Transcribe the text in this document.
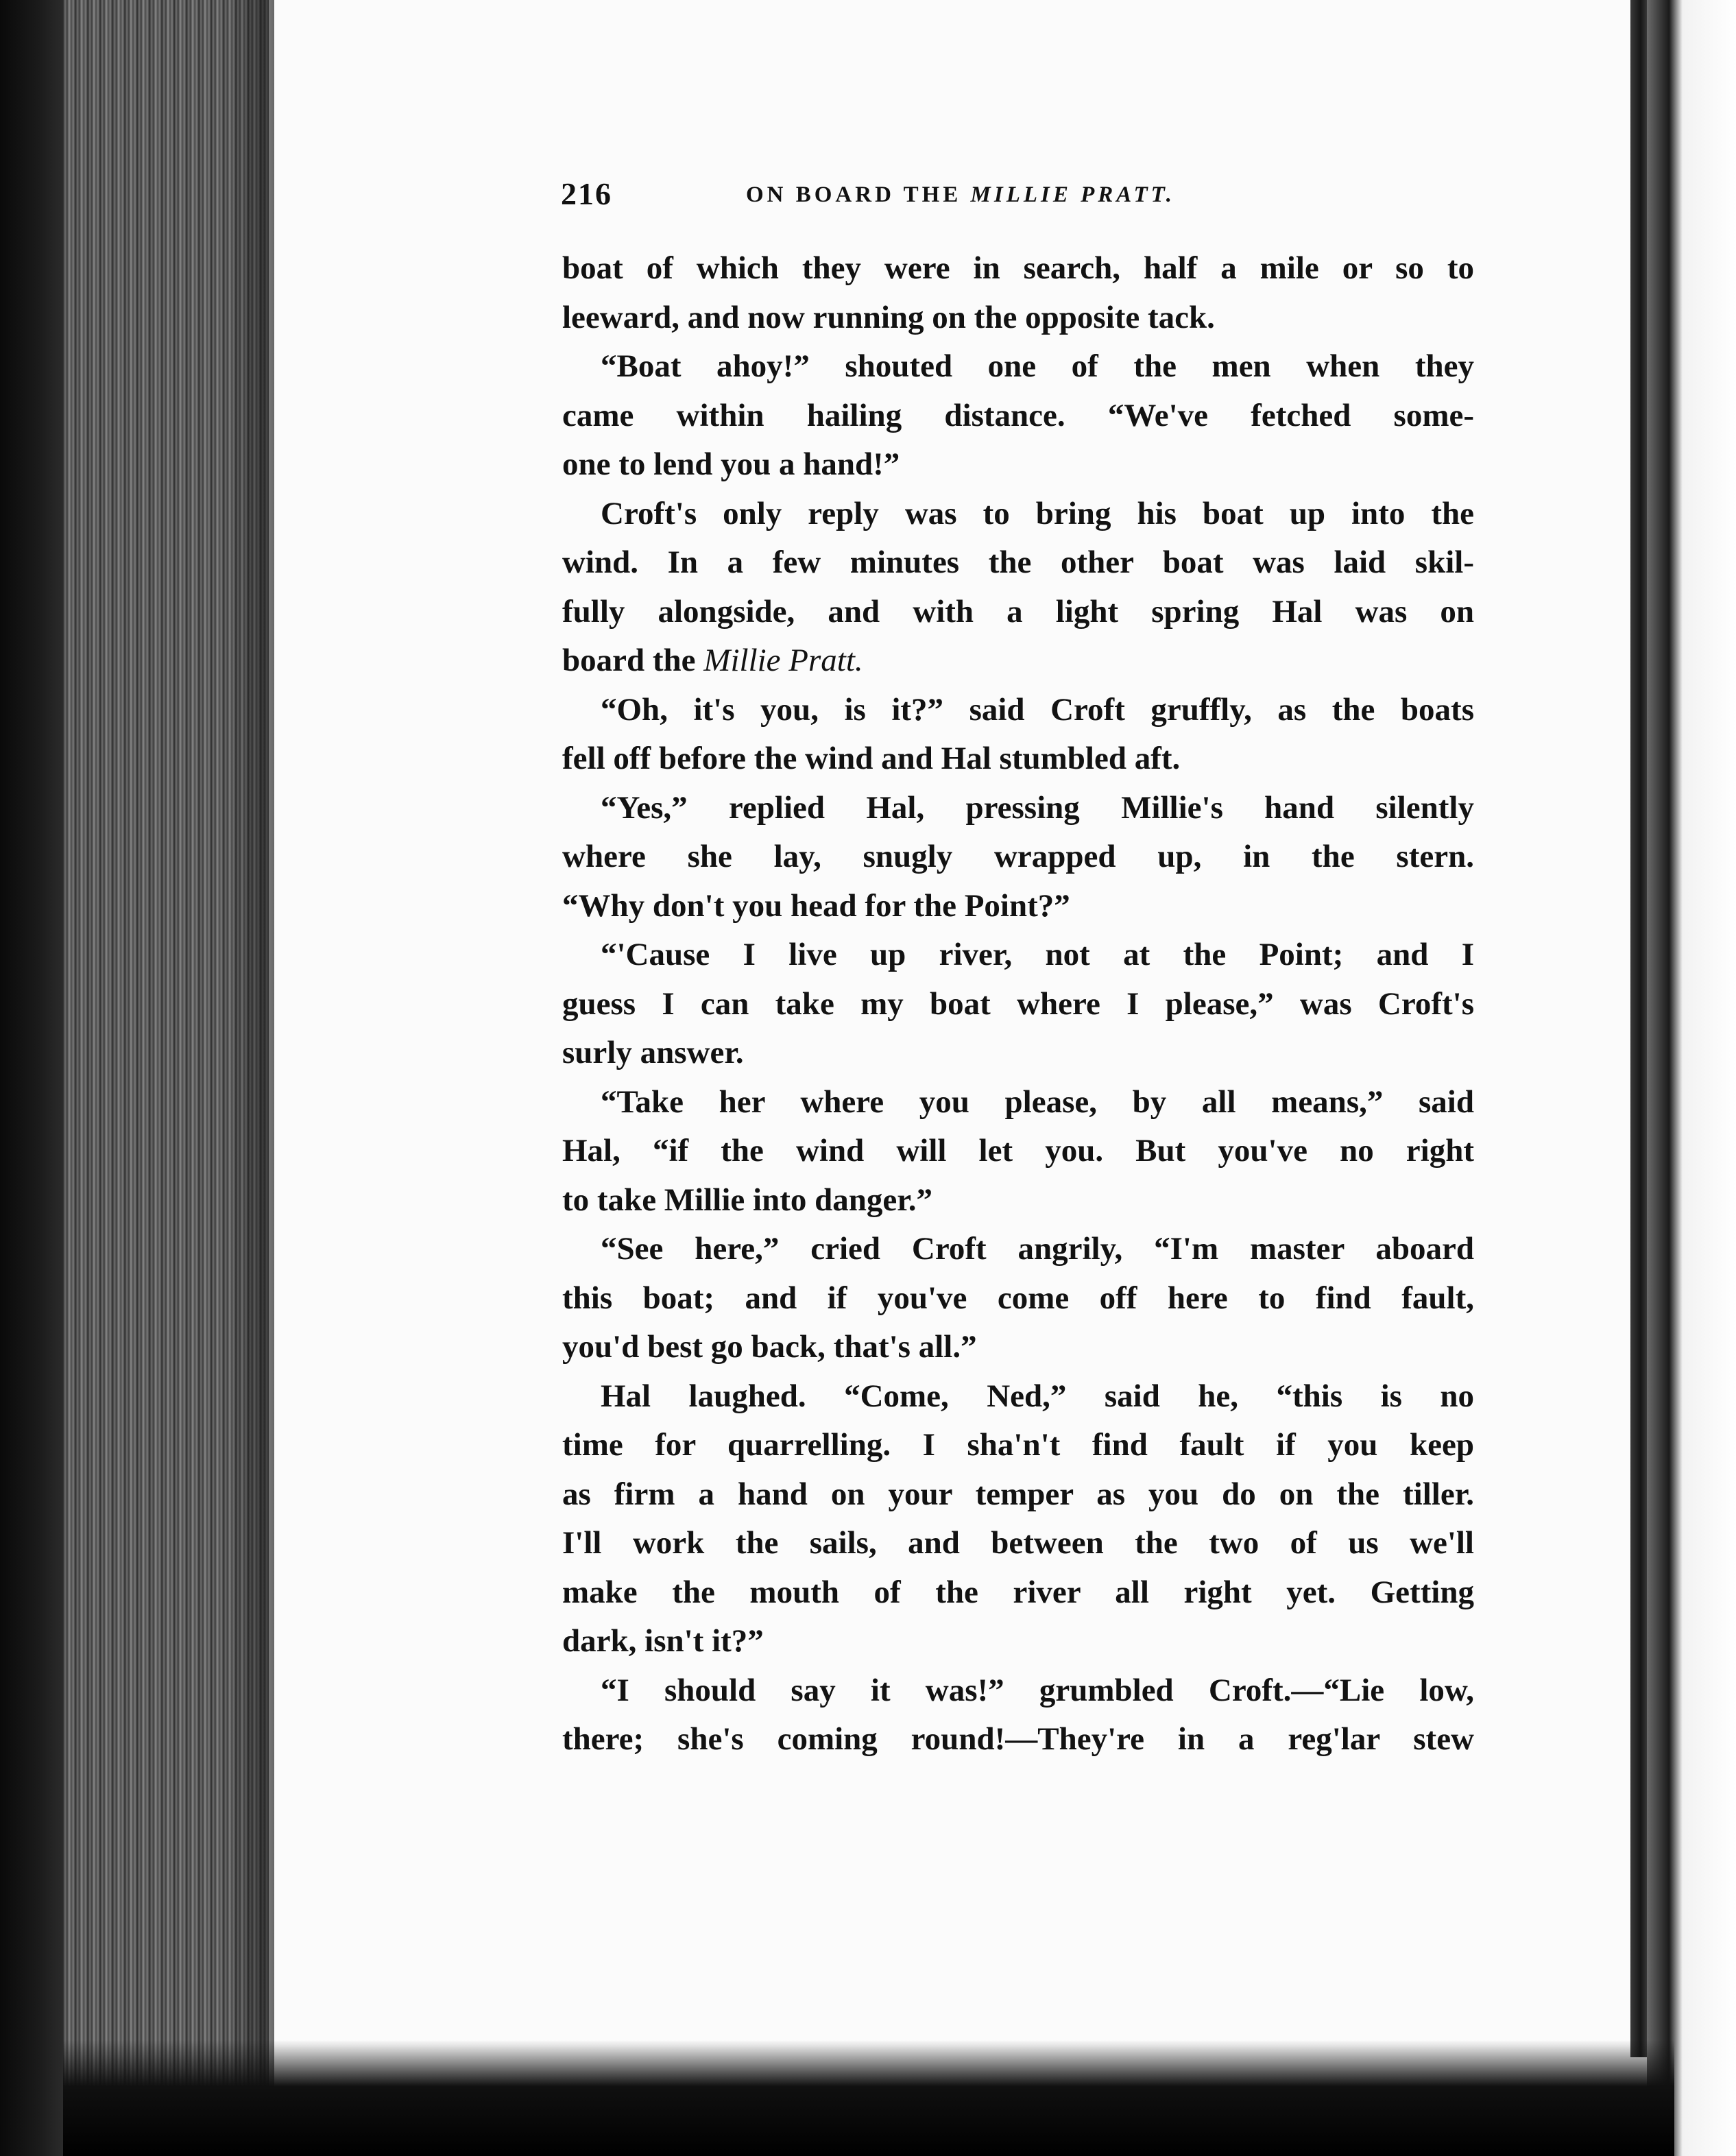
216	ON BOARD THE MILLIE PRATT.
boat of which they were in search, half a mile or so to
leeward, and now running on the opposite tack.
“Boat ahoy!” shouted one of the men when they
came within hailing distance. “We've fetched some-
one to lend you a hand!”
Croft's only reply was to bring his boat up into the
wind. In a few minutes the other boat was laid skil-
fully alongside, and with a light spring Hal was on
board the Millie Pratt.
“Oh, it's you, is it?” said Croft gruffly, as the boats
fell off before the wind and Hal stumbled aft.
“Yes,” replied Hal, pressing Millie's hand silently
where she lay, snugly wrapped up, in the stern.
“Why don't you head for the Point?”
“'Cause I live up river, not at the Point; and I
guess I can take my boat where I please,” was Croft's
surly answer.
“Take her where you please, by all means,” said
Hal, “if the wind will let you. But you've no right
to take Millie into danger.”
“See here,” cried Croft angrily, “I'm master aboard
this boat; and if you've come off here to find fault,
you'd best go back, that's all.”
Hal laughed. “Come, Ned,” said he, “this is no
time for quarrelling. I sha'n't find fault if you keep
as firm a hand on your temper as you do on the tiller.
I'll work the sails, and between the two of us we'll
make the mouth of the river all right yet. Getting
dark, isn't it?”
“I should say it was!” grumbled Croft.—“Lie low,
there; she's coming round!—They're in a reg'lar stew
